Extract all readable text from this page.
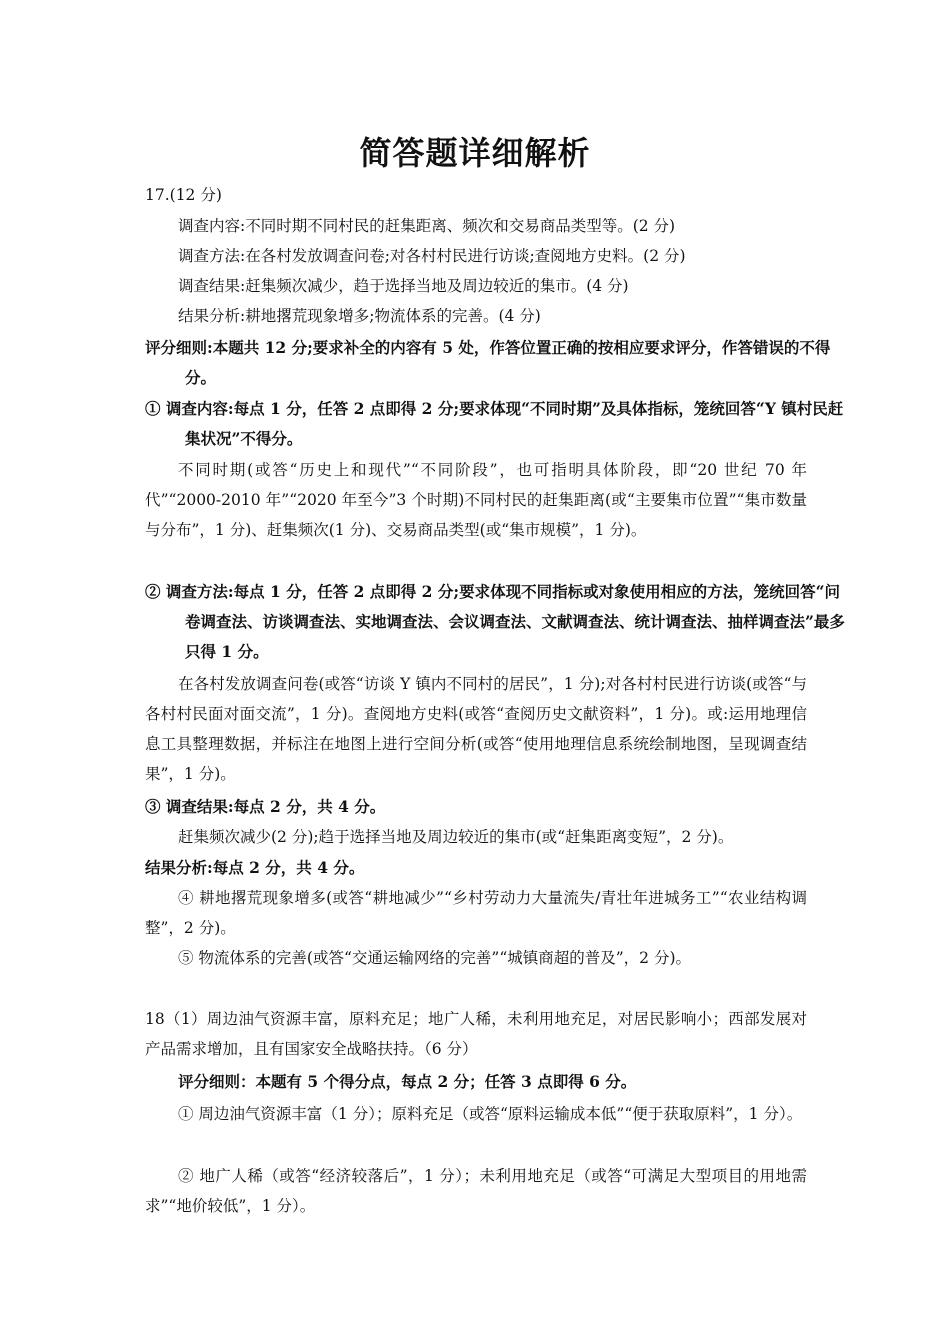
简答题详细解析
17.(12 分)
调查内容:不同时期不同村民的赶集距离、频次和交易商品类型等。(2 分)
调查方法:在各村发放调查问卷;对各村村民进行访谈;查阅地方史料。(2 分)
调查结果:赶集频次减少，趋于选择当地及周边较近的集市。(4 分)
结果分析:耕地撂荒现象增多;物流体系的完善。(4 分)
评分细则:本题共 12 分;要求补全的内容有 5 处，作答位置正确的按相应要求评分，作答错误的不得分。
① 调查内容:每点 1 分，任答 2 点即得 2 分;要求体现“不同时期”及具体指标，笼统回答“Y 镇村民赶集状况”不得分。
不同时期(或答“历史上和现代”“不同阶段”，也可指明具体阶段，即“20 世纪 70 年代”“2000-2010 年”“2020 年至今”3 个时期)不同村民的赶集距离(或“主要集市位置”“集市数量与分布”，1 分)、赶集频次(1 分)、交易商品类型(或“集市规模”，1 分)。
② 调查方法:每点 1 分，任答 2 点即得 2 分;要求体现不同指标或对象使用相应的方法，笼统回答“问卷调查法、访谈调查法、实地调查法、会议调查法、文献调查法、统计调查法、抽样调查法”最多只得 1 分。
在各村发放调查问卷(或答“访谈 Y 镇内不同村的居民”，1 分);对各村村民进行访谈(或答“与各村村民面对面交流”，1 分)。查阅地方史料(或答“查阅历史文献资料”，1 分)。或:运用地理信息工具整理数据，并标注在地图上进行空间分析(或答“使用地理信息系统绘制地图，呈现调查结果”，1 分)。
③ 调查结果:每点 2 分，共 4 分。
赶集频次减少(2 分);趋于选择当地及周边较近的集市(或“赶集距离变短”，2 分)。
结果分析:每点 2 分，共 4 分。
④ 耕地撂荒现象增多(或答“耕地减少”“乡村劳动力大量流失/青壮年进城务工”“农业结构调整”，2 分)。
⑤ 物流体系的完善(或答“交通运输网络的完善”“城镇商超的普及”，2 分)。
18（1）周边油气资源丰富，原料充足；地广人稀，未利用地充足，对居民影响小；西部发展对产品需求增加，且有国家安全战略扶持。（6 分）
评分细则：本题有 5 个得分点，每点 2 分；任答 3 点即得 6 分。
① 周边油气资源丰富（1 分）；原料充足（或答“原料运输成本低”“便于获取原料”，1 分）。
② 地广人稀（或答“经济较落后”，1 分）；未利用地充足（或答“可满足大型项目的用地需求”“地价较低”，1 分）。
